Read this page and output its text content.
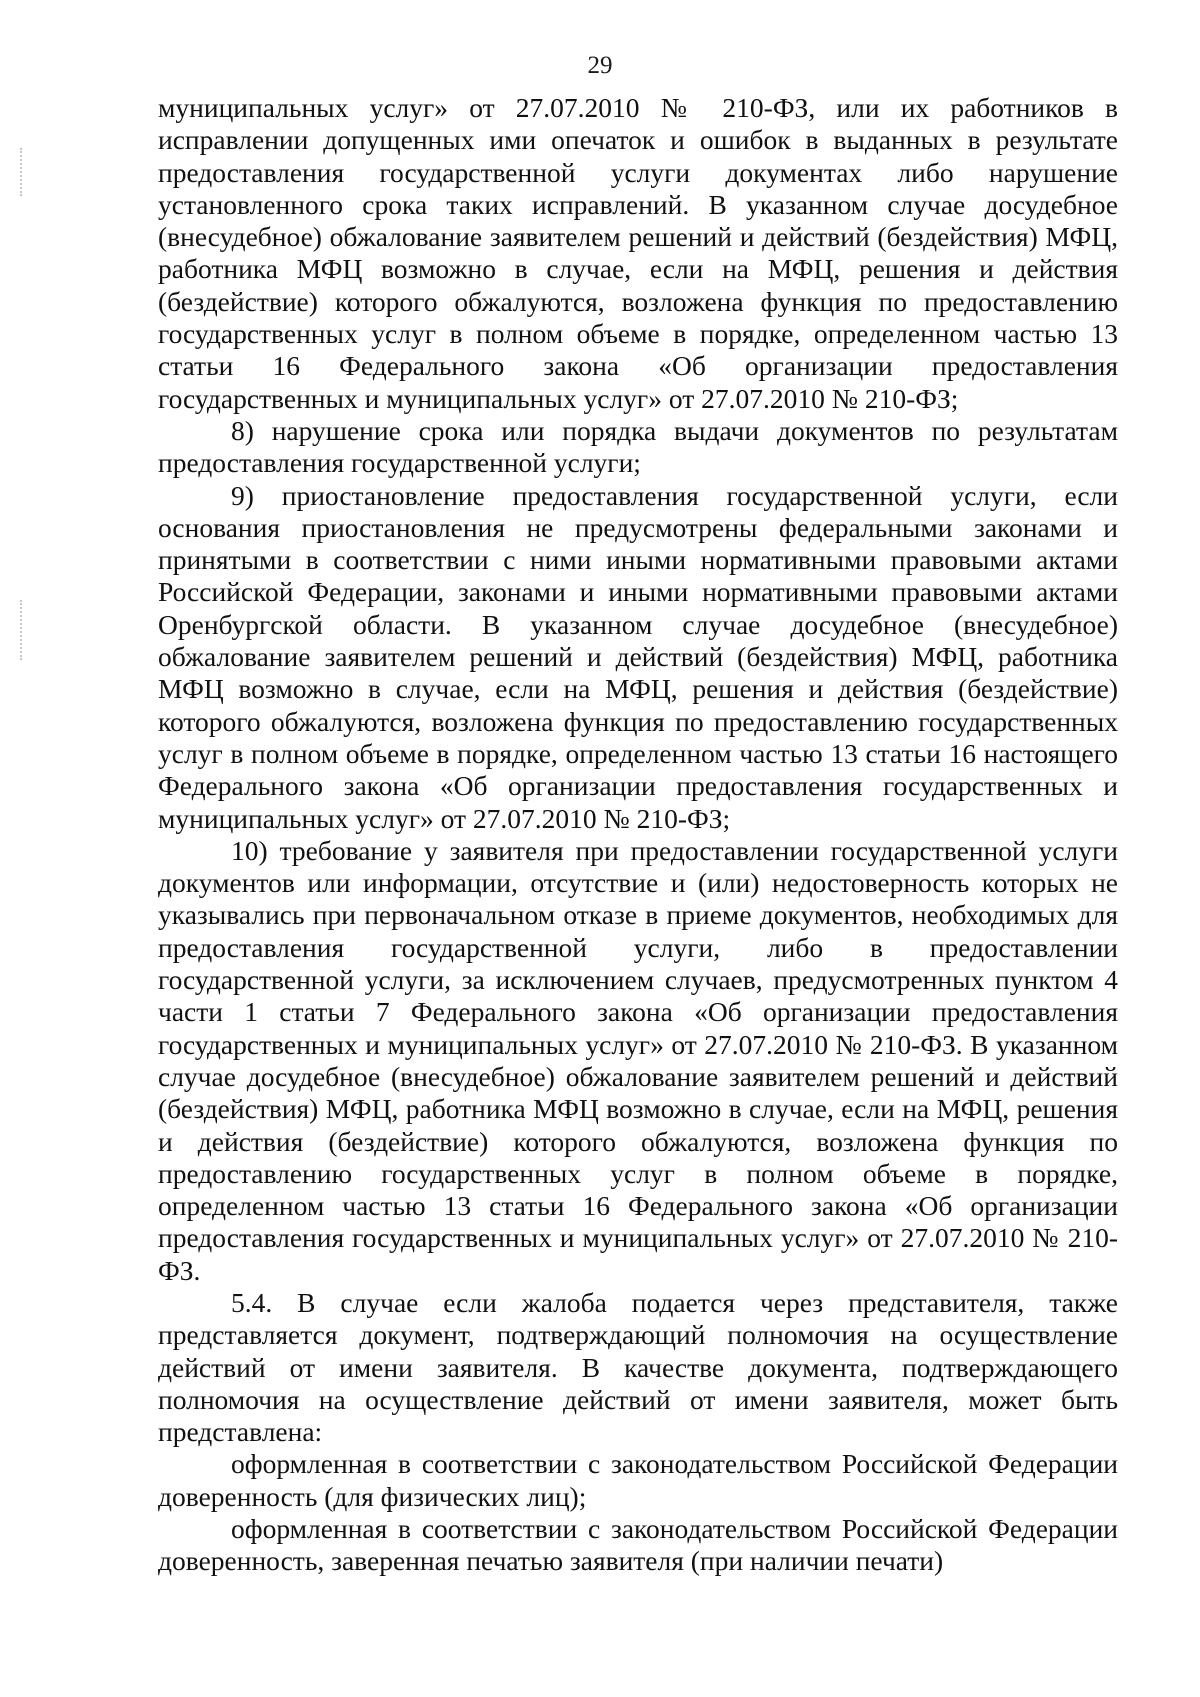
29

муниципальных услуг» от 27.07.2010 № 210-ФЗ, или их работников в исправлении допущенных ими опечаток и ошибок в выданных в результате предоставления государственной услуги документах либо нарушение установленного срока таких исправлений. В указанном случае досудебное (внесудебное) обжалование заявителем решений и действий (бездействия) МФЦ, работника МФЦ возможно в случае, если на МФЦ, решения и действия (бездействие) которого обжалуются, возложена функция по предоставлению государственных услуг в полном объеме в порядке, определенном частью 13 статьи 16 Федерального закона «Об организации предоставления государственных и муниципальных услуг» от 27.07.2010 № 210-ФЗ;

8) нарушение срока или порядка выдачи документов по результатам предоставления государственной услуги;

9) приостановление предоставления государственной услуги, если основания приостановления не предусмотрены федеральными законами и принятыми в соответствии с ними иными нормативными правовыми актами Российской Федерации, законами и иными нормативными правовыми актами Оренбургской области. В указанном случае досудебное (внесудебное) обжалование заявителем решений и действий (бездействия) МФЦ, работника МФЦ возможно в случае, если на МФЦ, решения и действия (бездействие) которого обжалуются, возложена функция по предоставлению государственных услуг в полном объеме в порядке, определенном частью 13 статьи 16 настоящего Федерального закона «Об организации предоставления государственных и муниципальных услуг» от 27.07.2010 № 210-ФЗ;

10) требование у заявителя при предоставлении государственной услуги документов или информации, отсутствие и (или) недостоверность которых не указывались при первоначальном отказе в приеме документов, необходимых для предоставления государственной услуги, либо в предоставлении государственной услуги, за исключением случаев, предусмотренных пунктом 4 части 1 статьи 7 Федерального закона «Об организации предоставления государственных и муниципальных услуг» от 27.07.2010 № 210-ФЗ. В указанном случае досудебное (внесудебное) обжалование заявителем решений и действий (бездействия) МФЦ, работника МФЦ возможно в случае, если на МФЦ, решения и действия (бездействие) которого обжалуются, возложена функция по предоставлению государственных услуг в полном объеме в порядке, определенном частью 13 статьи 16 Федерального закона «Об организации предоставления государственных и муниципальных услуг» от 27.07.2010 № 210-ФЗ.

5.4. В случае если жалоба подается через представителя, также представляется документ, подтверждающий полномочия на осуществление действий от имени заявителя. В качестве документа, подтверждающего полномочия на осуществление действий от имени заявителя, может быть представлена:

оформленная в соответствии с законодательством Российской Федерации доверенность (для физических лиц);

оформленная в соответствии с законодательством Российской Федерации доверенность, заверенная печатью заявителя (при наличии печати)
